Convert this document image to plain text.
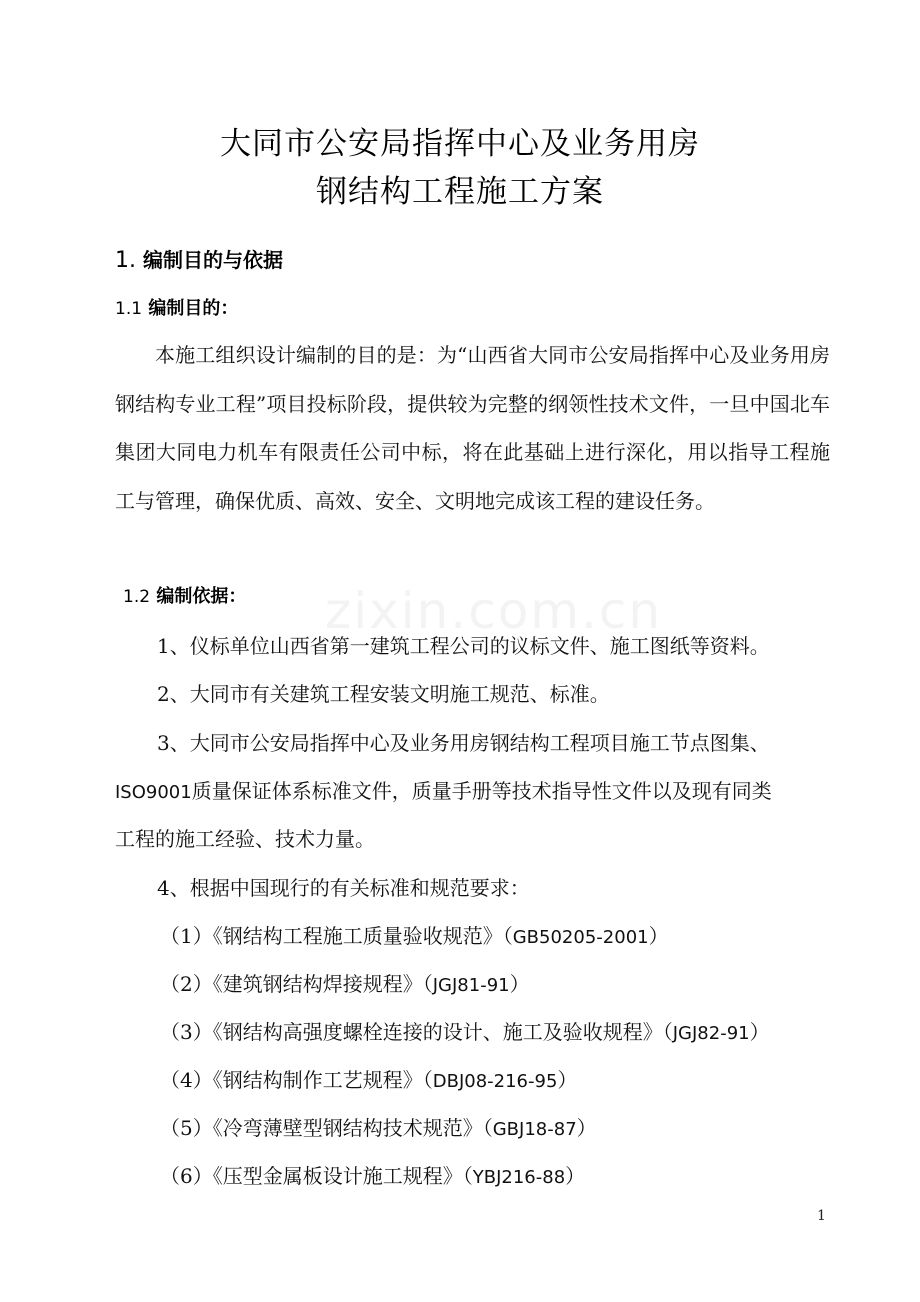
大同市公安局指挥中心及业务用房
钢结构工程施工方案
1. 编制目的与依据
1.1 编制目的：
本施工组织设计编制的目的是：为“山西省大同市公安局指挥中心及业务用房钢结构专业工程”项目投标阶段，提供较为完整的纲领性技术文件，一旦中国北车集团大同电力机车有限责任公司中标，将在此基础上进行深化，用以指导工程施工与管理，确保优质、高效、安全、文明地完成该工程的建设任务。
1.2 编制依据：
1、仪标单位山西省第一建筑工程公司的议标文件、施工图纸等资料。
2、大同市有关建筑工程安装文明施工规范、标准。
3、大同市公安局指挥中心及业务用房钢结构工程项目施工节点图集、
ISO9001质量保证体系标准文件，质量手册等技术指导性文件以及现有同类
工程的施工经验、技术力量。
4、根据中国现行的有关标准和规范要求：
（1）《钢结构工程施工质量验收规范》（GB50205-2001）
（2）《建筑钢结构焊接规程》（JGJ81-91）
（3）《钢结构高强度螺栓连接的设计、施工及验收规程》（JGJ82-91）
（4）《钢结构制作工艺规程》（DBJ08-216-95）
（5）《冷弯薄壁型钢结构技术规范》（GBJ18-87）
（6）《压型金属板设计施工规程》（YBJ216-88）
zixin.com.cn
1
